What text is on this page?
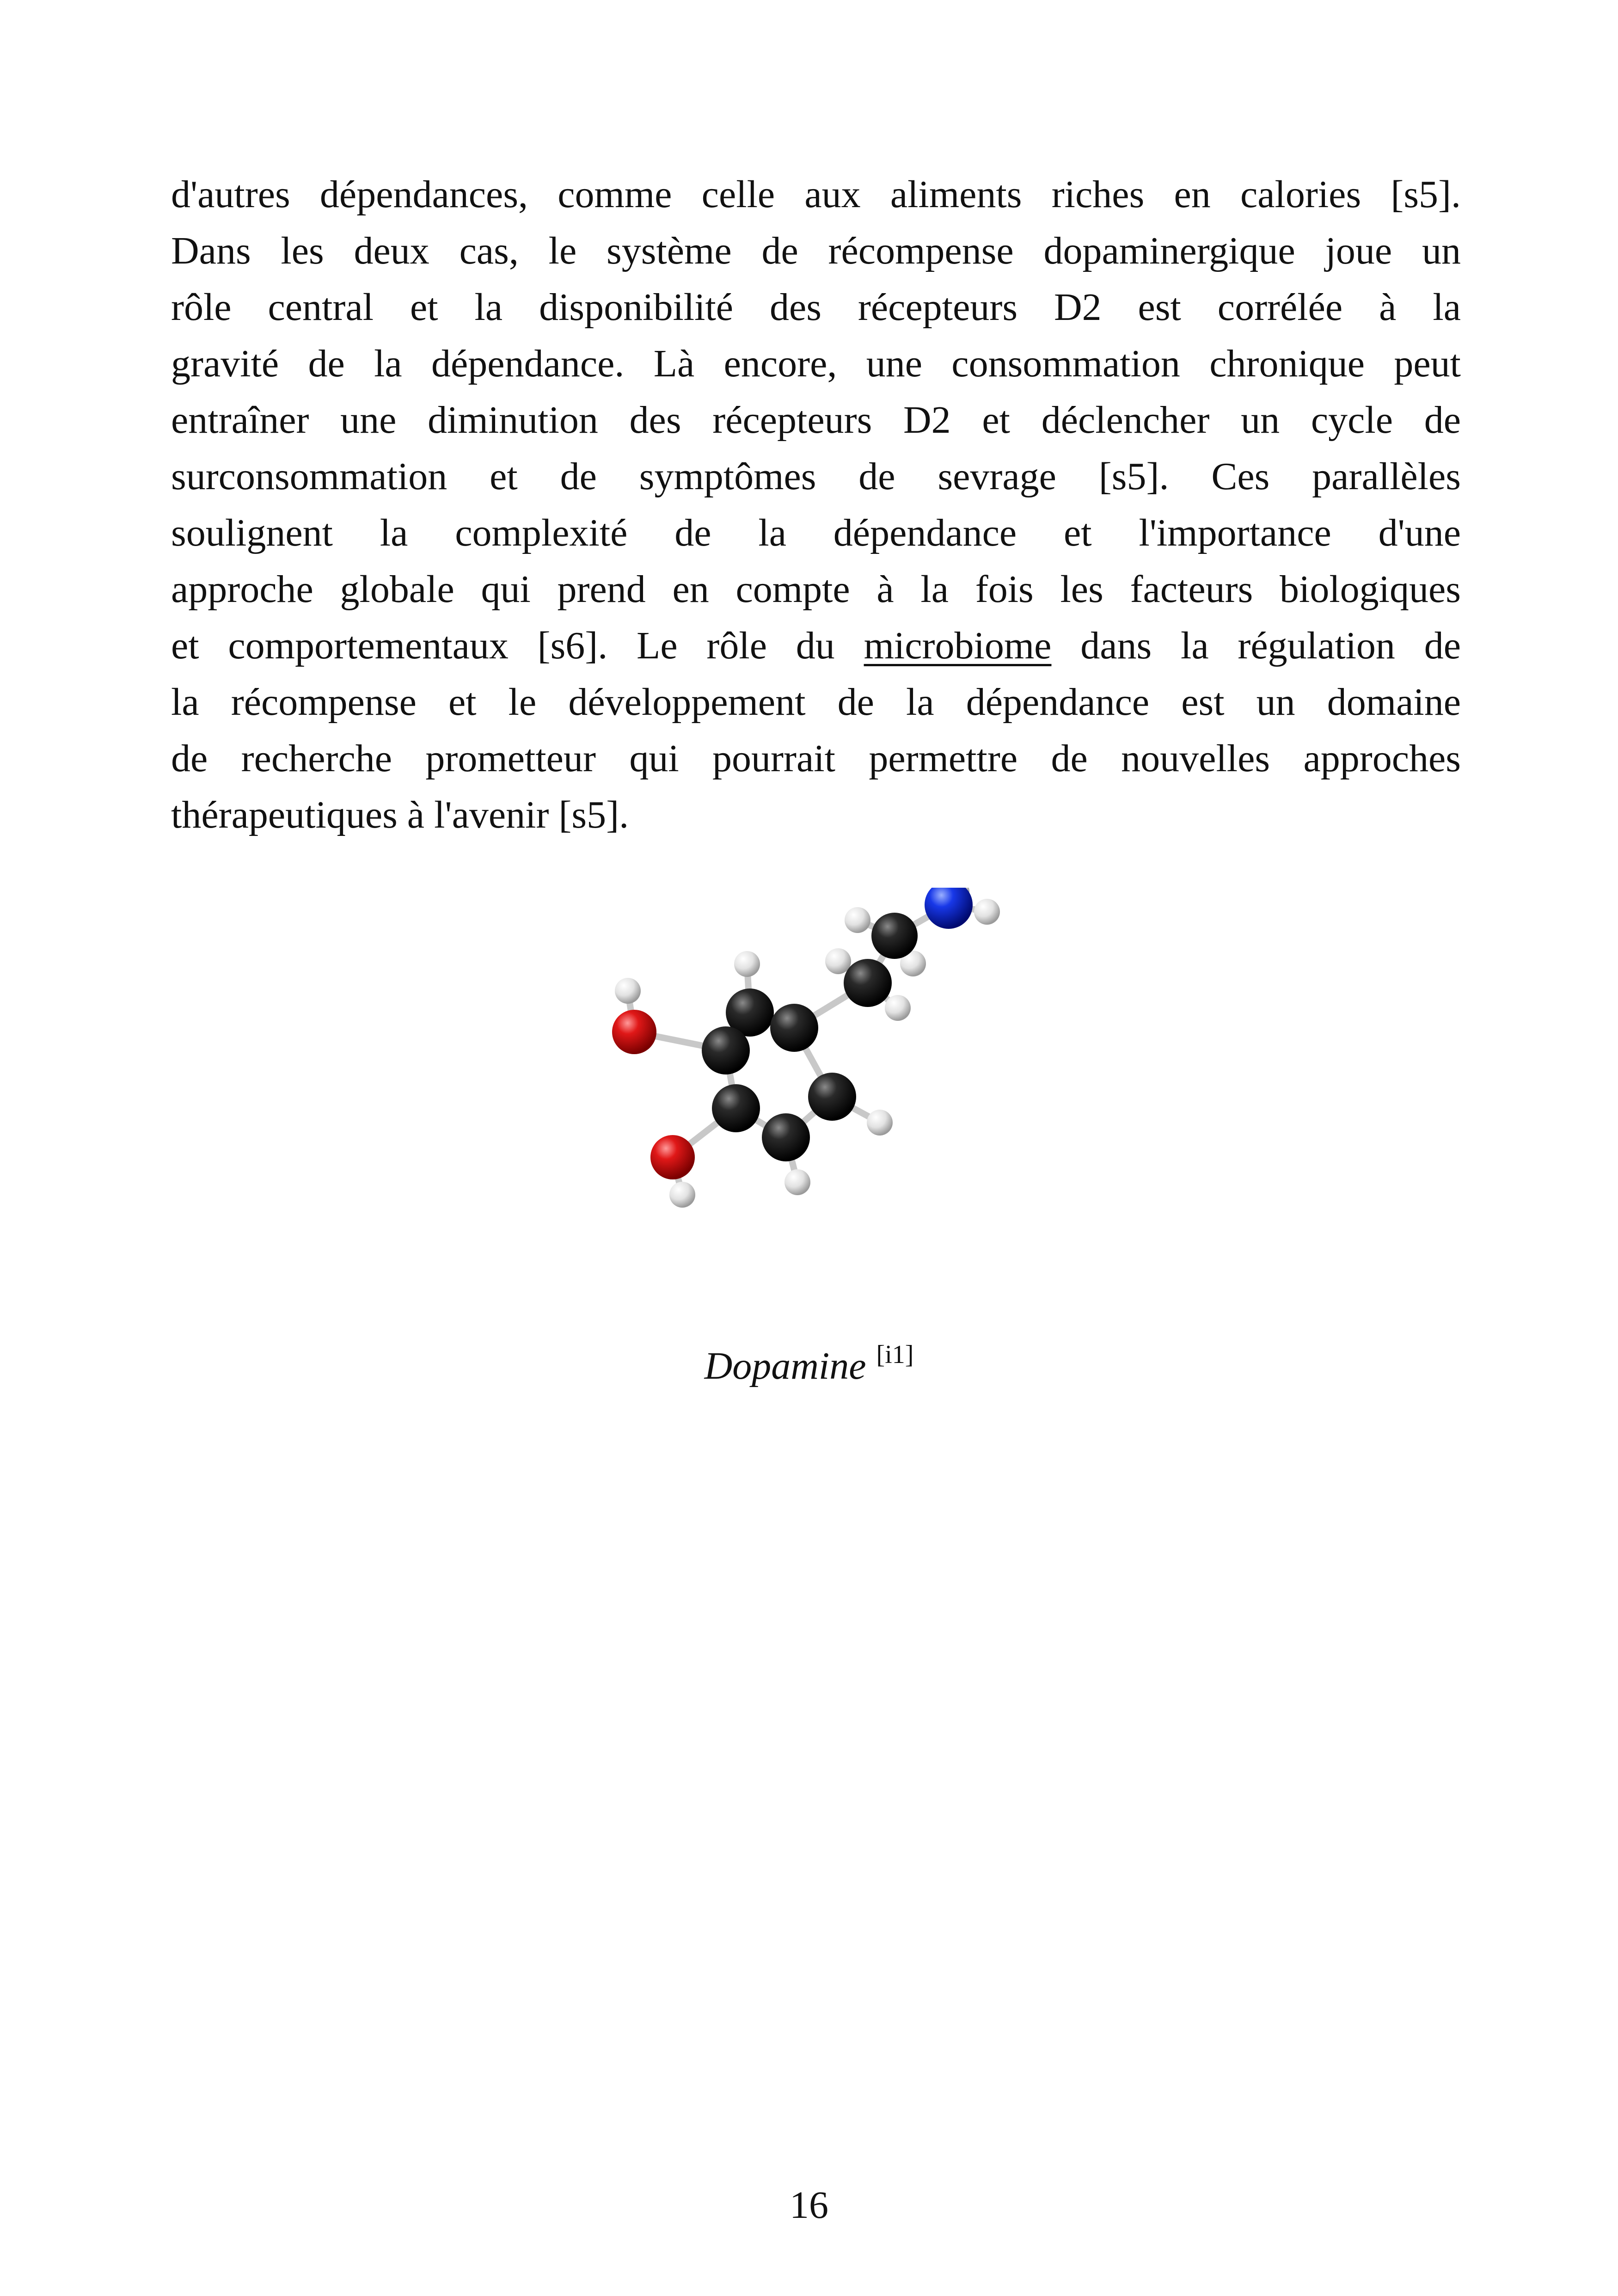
d'autres dépendances, comme celle aux aliments riches en calories [s5].
Dans les deux cas, le système de récompense dopaminergique joue un
rôle central et la disponibilité des récepteurs D2 est corrélée à la
gravité de la dépendance. Là encore, une consommation chronique peut
entraîner une diminution des récepteurs D2 et déclencher un cycle de
surconsommation et de symptômes de sevrage [s5]. Ces parallèles
soulignent la complexité de la dépendance et l'importance d'une
approche globale qui prend en compte à la fois les facteurs biologiques
et comportementaux [s6]. Le rôle du microbiome dans la régulation de
la récompense et le développement de la dépendance est un domaine
de recherche prometteur qui pourrait permettre de nouvelles approches
thérapeutiques à l'avenir [s5].
Dopamine [i1]
16
